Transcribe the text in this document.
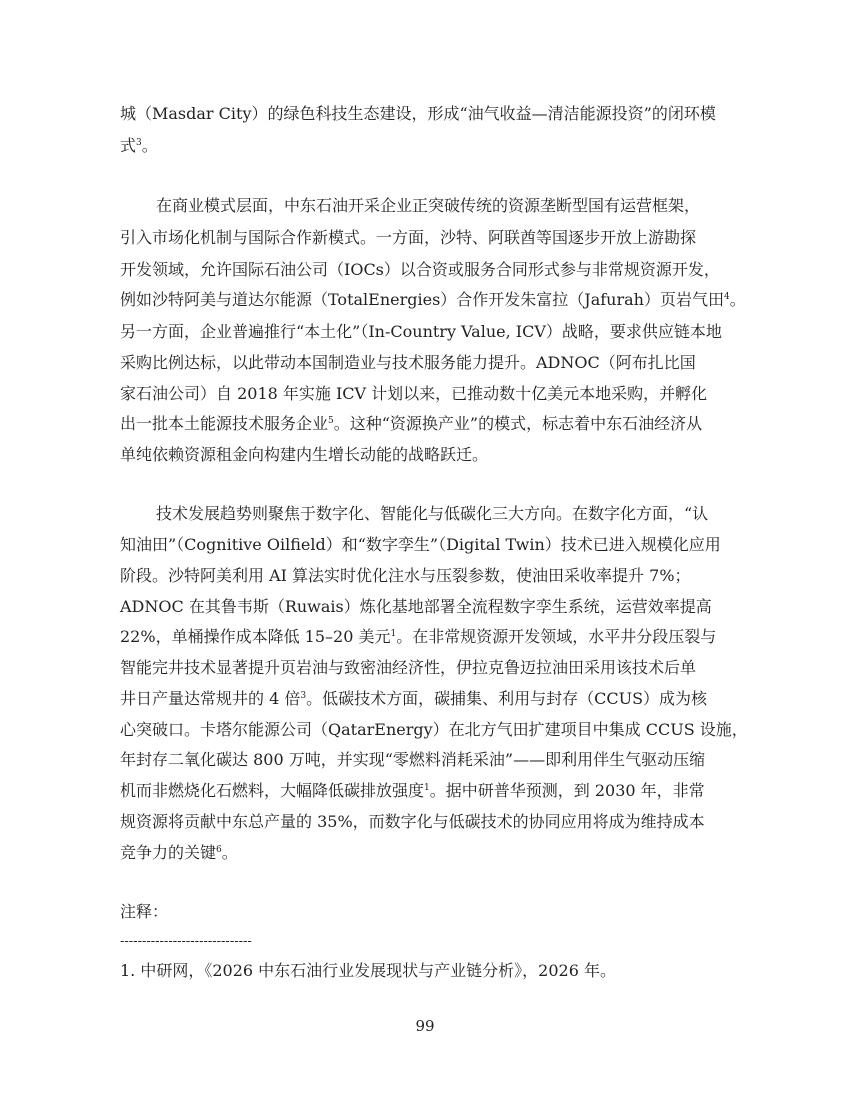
城（Masdar City）的绿色科技生态建设，形成“油气收益—清洁能源投资”的闭环模

式$^3$。

在商业模式层面，中东石油开采企业正突破传统的资源垄断型国有运营框架，

引入市场化机制与国际合作新模式。一方面，沙特、阿联酋等国逐步开放上游勘探

开发领域，允许国际石油公司（IOCs）以合资或服务合同形式参与非常规资源开发，

例如沙特阿美与道达尔能源（TotalEnergies）合作开发朱富拉（Jafurah）页岩气田$^4$。

另一方面，企业普遍推行“本土化”（In-Country Value, ICV）战略，要求供应链本地

采购比例达标，以此带动本国制造业与技术服务能力提升。ADNOC（阿布扎比国

家石油公司）自 2018 年实施 ICV 计划以来，已推动数十亿美元本地采购，并孵化

出一批本土能源技术服务企业$^5$。这种“资源换产业”的模式，标志着中东石油经济从

单纯依赖资源租金向构建内生增长动能的战略跃迁。

技术发展趋势则聚焦于数字化、智能化与低碳化三大方向。在数字化方面，“认

知油田”（Cognitive Oilfield）和“数字孪生”（Digital Twin）技术已进入规模化应用

阶段。沙特阿美利用 AI 算法实时优化注水与压裂参数，使油田采收率提升 7%；

ADNOC 在其鲁韦斯（Ruwais）炼化基地部署全流程数字孪生系统，运营效率提高

22%，单桶操作成本降低 15–20 美元$^1$。在非常规资源开发领域，水平井分段压裂与

智能完井技术显著提升页岩油与致密油经济性，伊拉克鲁迈拉油田采用该技术后单

井日产量达常规井的 4 倍$^3$。低碳技术方面，碳捕集、利用与封存（CCUS）成为核

心突破口。卡塔尔能源公司（QatarEnergy）在北方气田扩建项目中集成 CCUS 设施，

年封存二氧化碳达 800 万吨，并实现“零燃料消耗采油”——即利用伴生气驱动压缩

机而非燃烧化石燃料，大幅降低碳排放强度$^1$。据中研普华预测，到 2030 年，非常

规资源将贡献中东总产量的 35%，而数字化与低碳技术的协同应用将成为维持成本

竞争力的关键$^6$。

注释：

------------------------------

1. 中研网，《2026 中东石油行业发展现状与产业链分析》，2026 年。

99
